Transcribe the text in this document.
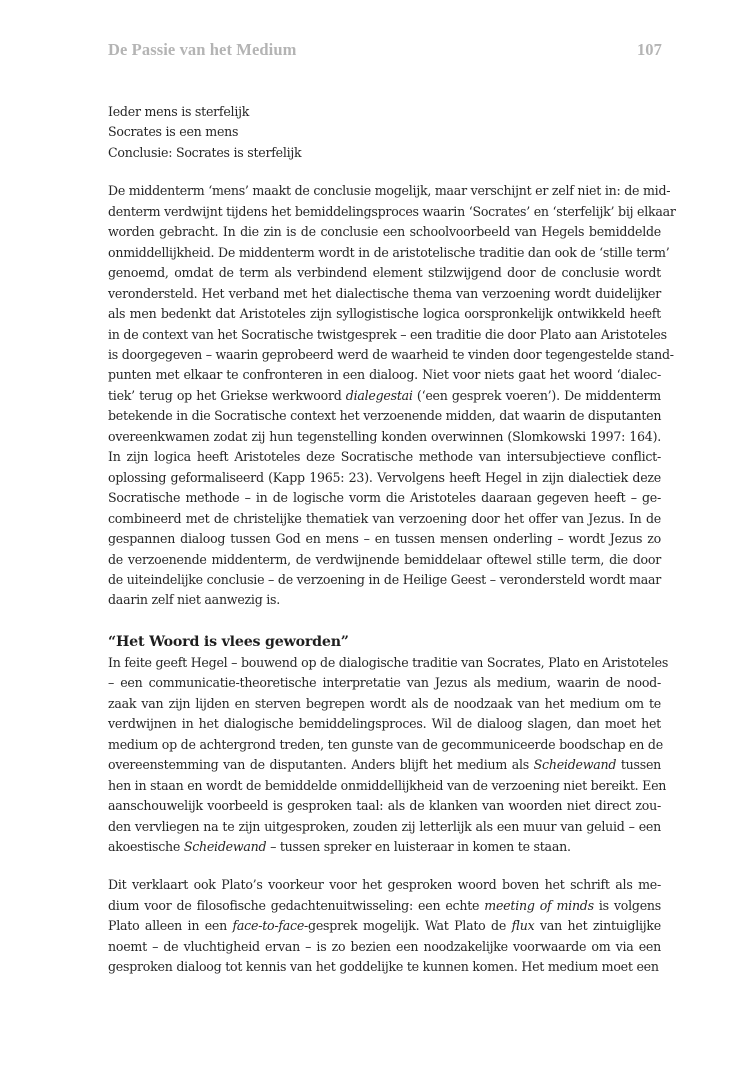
De Passie van het Medium	107
Ieder mens is sterfelijk
Socrates is een mens
Conclusie: Socrates is sterfelijk
De middenterm ‘mens’ maakt de conclusie mogelijk, maar verschijnt er zelf niet in: de mid-
denterm verdwijnt tijdens het bemiddelingsproces waarin ‘Socrates’ en ‘sterfelijk’ bij elkaar
worden gebracht. In die zin is de conclusie een schoolvoorbeeld van Hegels bemiddelde
onmiddellijkheid. De middenterm wordt in de aristotelische traditie dan ook de ‘stille term’
genoemd, omdat de term als verbindend element stilzwijgend door de conclusie wordt
verondersteld. Het verband met het dialectische thema van verzoening wordt duidelijker
als men bedenkt dat Aristoteles zijn syllogistische logica oorspronkelijk ontwikkeld heeft
in de context van het Socratische twistgesprek – een traditie die door Plato aan Aristoteles
is doorgegeven – waarin geprobeerd werd de waarheid te vinden door tegengestelde stand-
punten met elkaar te confronteren in een dialoog. Niet voor niets gaat het woord ‘dialec-
tiek’ terug op het Griekse werkwoord dialegestai (‘een gesprek voeren’). De middenterm
betekende in die Socratische context het verzoenende midden, dat waarin de disputanten
overeenkwamen zodat zij hun tegenstelling konden overwinnen (Slomkowski 1997: 164).
In zijn logica heeft Aristoteles deze Socratische methode van intersubjectieve conflict-
oplossing geformaliseerd (Kapp 1965: 23). Vervolgens heeft Hegel in zijn dialectiek deze
Socratische methode – in de logische vorm die Aristoteles daaraan gegeven heeft – ge-
combineerd met de christelijke thematiek van verzoening door het offer van Jezus. In de
gespannen dialoog tussen God en mens – en tussen mensen onderling – wordt Jezus zo
de verzoenende middenterm, de verdwijnende bemiddelaar oftewel stille term, die door
de uiteindelijke conclusie – de verzoening in de Heilige Geest – verondersteld wordt maar
daarin zelf niet aanwezig is.
“Het Woord is vlees geworden”
In feite geeft Hegel – bouwend op de dialogische traditie van Socrates, Plato en Aristoteles
– een communicatie-theoretische interpretatie van Jezus als medium, waarin de nood-
zaak van zijn lijden en sterven begrepen wordt als de noodzaak van het medium om te
verdwijnen in het dialogische bemiddelingsproces. Wil de dialoog slagen, dan moet het
medium op de achtergrond treden, ten gunste van de gecommuniceerde boodschap en de
overeenstemming van de disputanten. Anders blijft het medium als Scheidewand tussen
hen in staan en wordt de bemiddelde onmiddellijkheid van de verzoening niet bereikt. Een
aanschouwelijk voorbeeld is gesproken taal: als de klanken van woorden niet direct zou-
den vervliegen na te zijn uitgesproken, zouden zij letterlijk als een muur van geluid – een
akoestische Scheidewand – tussen spreker en luisteraar in komen te staan.
Dit verklaart ook Plato’s voorkeur voor het gesproken woord boven het schrift als me-
dium voor de filosofische gedachtenuitwisseling: een echte meeting of minds is volgens
Plato alleen in een face-to-face-gesprek mogelijk. Wat Plato de flux van het zintuiglijke
noemt – de vluchtigheid ervan – is zo bezien een noodzakelijke voorwaarde om via een
gesproken dialoog tot kennis van het goddelijke te kunnen komen. Het medium moet een
